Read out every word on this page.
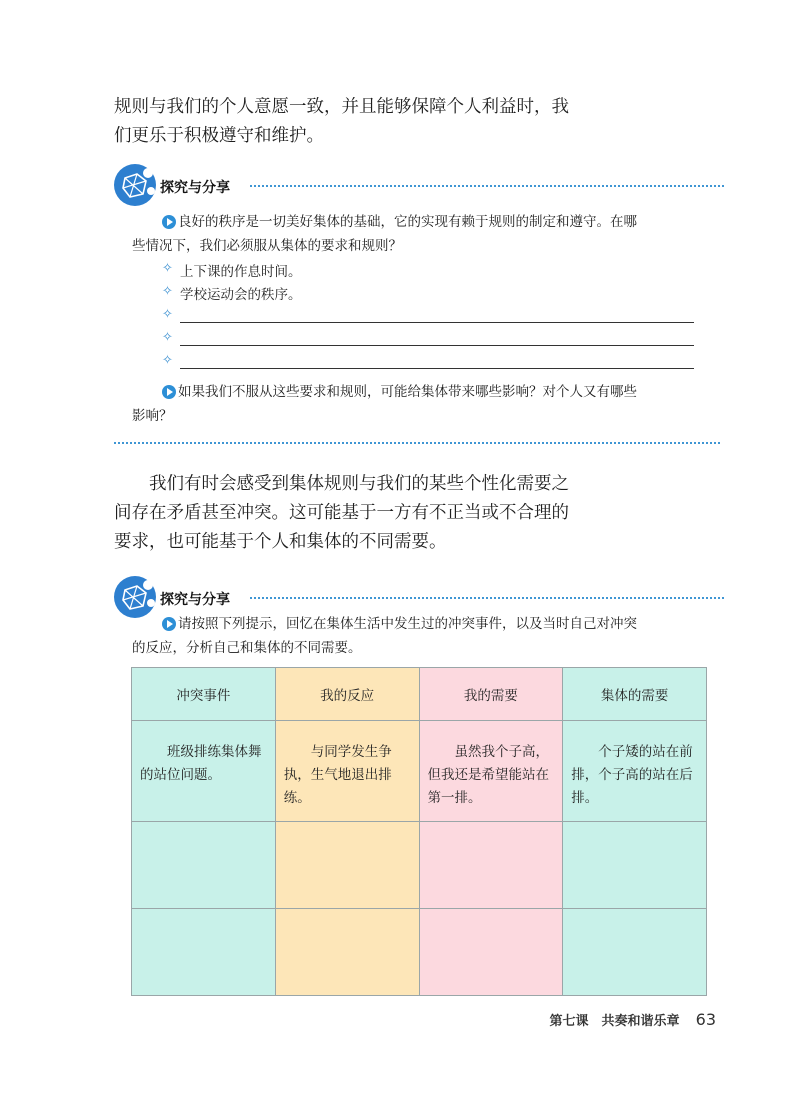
规则与我们的个人意愿一致，并且能够保障个人利益时，我
们更乐于积极遵守和维护。
探究与分享
良好的秩序是一切美好集体的基础，它的实现有赖于规则的制定和遵守。在哪
些情况下，我们必须服从集体的要求和规则？
✧ 上下课的作息时间。
✧ 学校运动会的秩序。
✧
✧
✧
如果我们不服从这些要求和规则，可能给集体带来哪些影响？对个人又有哪些
影响？
我们有时会感受到集体规则与我们的某些个性化需要之
间存在矛盾甚至冲突。这可能基于一方有不正当或不合理的
要求，也可能基于个人和集体的不同需要。
探究与分享
请按照下列提示，回忆在集体生活中发生过的冲突事件，以及当时自己对冲突
的反应，分析自己和集体的不同需要。
冲突事件	我的反应	我的需要	集体的需要
班级排练集体舞的站位问题。	与同学发生争执，生气地退出排练。	虽然我个子高，但我还是希望能站在第一排。	个子矮的站在前排，个子高的站在后排。

第七课　共奏和谐乐章 63
